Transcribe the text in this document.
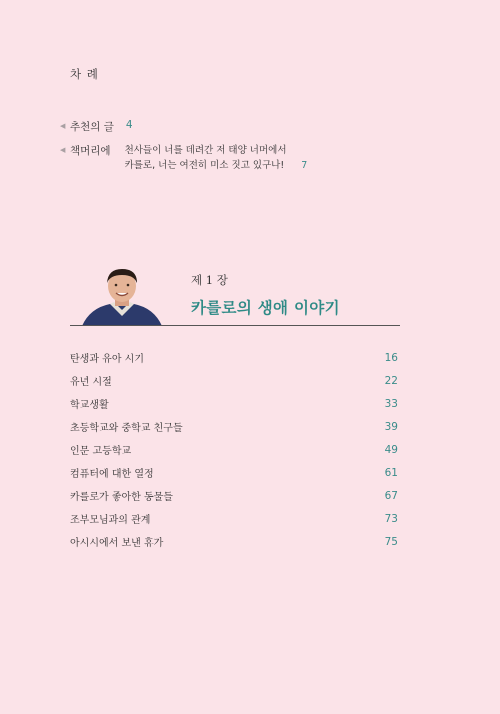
차 례
◀ 추천의 글 4
◀ 책머리에 천사들이 너를 데려간 저 태양 너머에서
카를로, 너는 여전히 미소 짓고 있구나! 7
제 1 장
카를로의 생애 이야기
탄생과 유아 시기	16
유년 시절	22
학교생활	33
초등학교와 중학교 친구들	39
인문 고등학교	49
컴퓨터에 대한 열정	61
카를로가 좋아한 동물들	67
조부모님과의 관계	73
아시시에서 보낸 휴가	75
